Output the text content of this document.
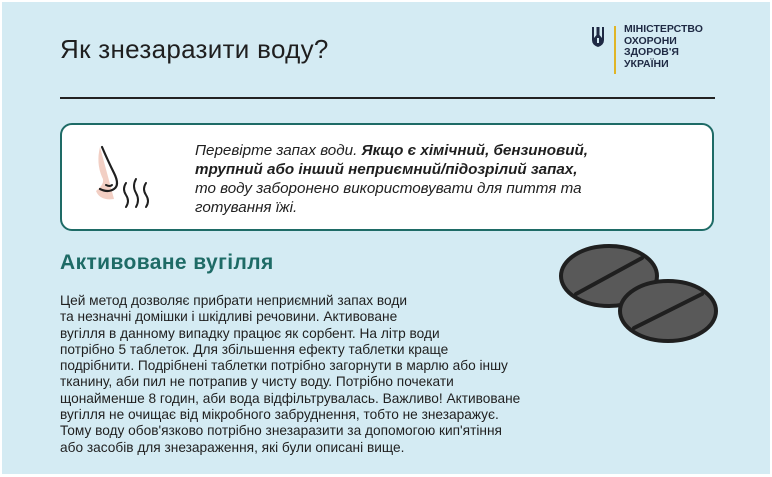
Як знезаразити воду?
МІНІСТЕРСТВО
ОХОРОНИ
ЗДОРОВ'Я
УКРАЇНИ
Перевірте запах води. Якщо є хімічний, бензиновий,
трупний або інший неприємний/підозрілий запах,
то воду заборонено використовувати для пиття та
готування їжі.
Активоване вугілля
Цей метод дозволяє прибрати неприємний запах води
та незначні домішки і шкідливі речовини. Активоване
вугілля в данному випадку працює як сорбент. На літр води
потрібно 5 таблеток. Для збільшення ефекту таблетки краще
подрібнити. Подрібнені таблетки потрібно загорнути в марлю або іншу
тканину, аби пил не потрапив у чисту воду. Потрібно почекати
щонайменше 8 годин, аби вода відфільтрувалась. Важливо! Активоване
вугілля не очищає від мікробного забруднення, тобто не знезаражує.
Тому воду обов'язково потрібно знезаразити за допомогою кип'ятіння
або засобів для знезараження, які були описані вище.
